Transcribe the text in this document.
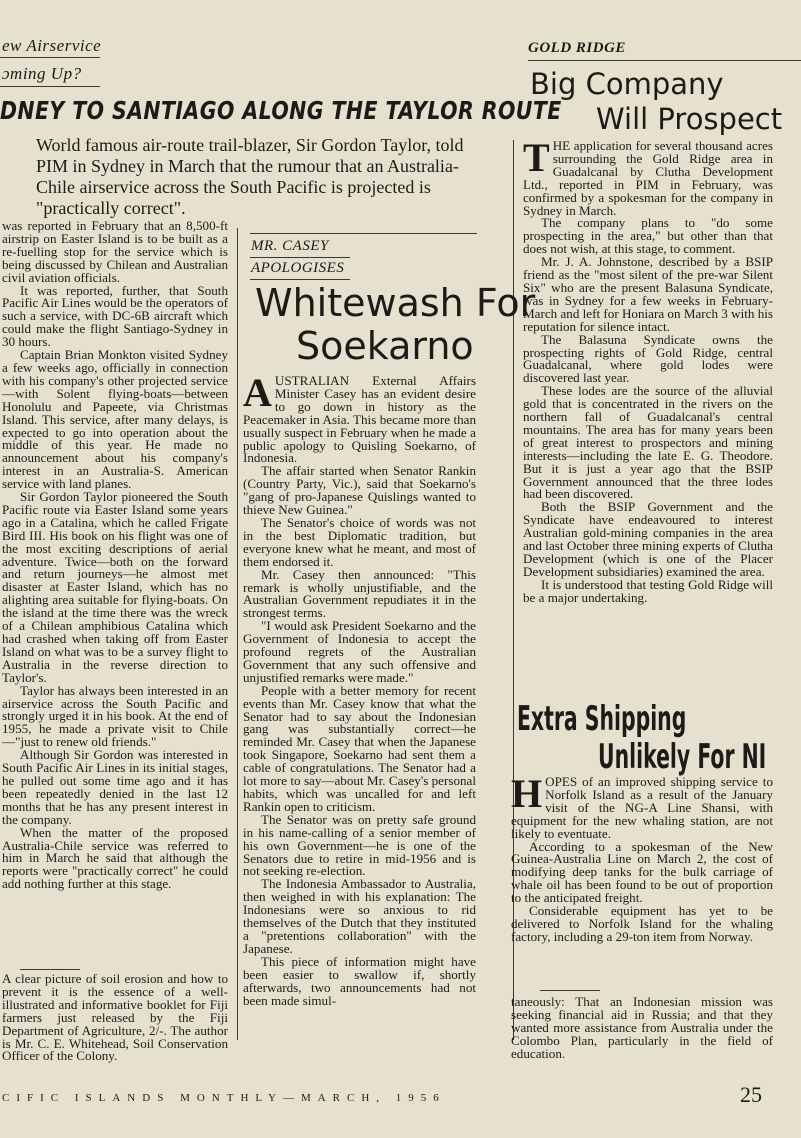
ew Airservice
ɔming Up?
GOLD RIDGE
DNEY TO SANTIAGO ALONG THE TAYLOR ROUTE
World famous air-route trail-blazer, Sir Gordon Taylor, told PIM in Sydney in March that the rumour that an Australia-Chile airservice across the South Pacific is projected is "practically correct".

was reported in February that an 8,500-ft airstrip on Easter Island is to be built as a re-fuelling stop for the service which is being discussed by Chilean and Australian civil aviation officials.

It was reported, further, that South Pacific Air Lines would be the operators of such a service, with DC-6B aircraft which could make the flight Santiago-Sydney in 30 hours.

Captain Brian Monkton visited Sydney a few weeks ago, officially in connection with his company's other projected service—with Solent flying-boats—between Honolulu and Papeete, via Christmas Island. This service, after many delays, is expected to go into operation about the middle of this year. He made no announcement about his company's interest in an Australia-S. American service with land planes.

Sir Gordon Taylor pioneered the South Pacific route via Easter Island some years ago in a Catalina, which he called Frigate Bird III. His book on his flight was one of the most exciting descriptions of aerial adventure. Twice—both on the forward and return journeys—he almost met disaster at Easter Island, which has no alighting area suitable for flying-boats. On the island at the time there was the wreck of a Chilean amphibious Catalina which had crashed when taking off from Easter Island on what was to be a survey flight to Australia in the reverse direction to Taylor's.

Taylor has always been interested in an airservice across the South Pacific and strongly urged it in his book. At the end of 1955, he made a private visit to Chile—"just to renew old friends."

Although Sir Gordon was interested in South Pacific Air Lines in its initial stages, he pulled out some time ago and it has been repeatedly denied in the last 12 months that he has any present interest in the company.

When the matter of the proposed Australia-Chile service was referred to him in March he said that although the reports were "practically correct" he could add nothing further at this stage.

A clear picture of soil erosion and how to prevent it is the essence of a well-illustrated and informative booklet for Fiji farmers just released by the Fiji Department of Agriculture, 2/-. The author is Mr. C. E. Whitehead, Soil Conservation Officer of the Colony.
MR. CASEY
APOLOGISES
Whitewash For
Soekarno

AUSTRALIAN External Affairs Minister Casey has an evident desire to go down in history as the Peacemaker in Asia. This became more than usually suspect in February when he made a public apology to Quisling Soekarno, of Indonesia.

The affair started when Senator Rankin (Country Party, Vic.), said that Soekarno's "gang of pro-Japanese Quislings wanted to thieve New Guinea."

The Senator's choice of words was not in the best Diplomatic tradition, but everyone knew what he meant, and most of them endorsed it.

Mr. Casey then announced: "This remark is wholly unjustifiable, and the Australian Government repudiates it in the strongest terms.

"I would ask President Soekarno and the Government of Indonesia to accept the profound regrets of the Australian Government that any such offensive and unjustified remarks were made."

People with a better memory for recent events than Mr. Casey know that what the Senator had to say about the Indonesian gang was substantially correct—he reminded Mr. Casey that when the Japanese took Singapore, Soekarno had sent them a cable of congratulations. The Senator had a lot more to say—about Mr. Casey's personal habits, which was uncalled for and left Rankin open to criticism.

The Senator was on pretty safe ground in his name-calling of a senior member of his own Government—he is one of the Senators due to retire in mid-1956 and is not seeking re-election.

The Indonesia Ambassador to Australia, then weighed in with his explanation: The Indonesians were so anxious to rid themselves of the Dutch that they instituted a "pretentions collaboration" with the Japanese.

This piece of information might have been easier to swallow if, shortly afterwards, two announcements had not been made simul-

Big Company
Will Prospect

THE application for several thousand acres surrounding the Gold Ridge area in Guadalcanal by Clutha Development Ltd., reported in PIM in February, was confirmed by a spokesman for the company in Sydney in March.

The company plans to "do some prospecting in the area," but other than that does not wish, at this stage, to comment.

Mr. J. A. Johnstone, described by a BSIP friend as the "most silent of the pre-war Silent Six" who are the present Balasuna Syndicate, was in Sydney for a few weeks in February-March and left for Honiara on March 3 with his reputation for silence intact.

The Balasuna Syndicate owns the prospecting rights of Gold Ridge, central Guadalcanal, where gold lodes were discovered last year.

These lodes are the source of the alluvial gold that is concentrated in the rivers on the northern fall of Guadalcanal's central mountains. The area has for many years been of great interest to prospectors and mining interests—including the late E. G. Theodore. But it is just a year ago that the BSIP Government announced that the three lodes had been discovered.

Both the BSIP Government and the Syndicate have endeavoured to interest Australian gold-mining companies in the area and last October three mining experts of Clutha Development (which is one of the Placer Development subsidiaries) examined the area.

It is understood that testing Gold Ridge will be a major undertaking.

Extra Shipping
Unlikely For NI

HOPES of an improved shipping service to Norfolk Island as a result of the January visit of the NG-A Line Shansi, with equipment for the new whaling station, are not likely to eventuate.

According to a spokesman of the New Guinea-Australia Line on March 2, the cost of modifying deep tanks for the bulk carriage of whale oil has been found to be out of proportion to the anticipated freight.

Considerable equipment has yet to be delivered to Norfolk Island for the whaling factory, including a 29-ton item from Norway.

taneously: That an Indonesian mission was seeking financial aid in Russia; and that they wanted more assistance from Australia under the Colombo Plan, particularly in the field of education.
CIFIC ISLANDS MONTHLY—MARCH, 1956	25
